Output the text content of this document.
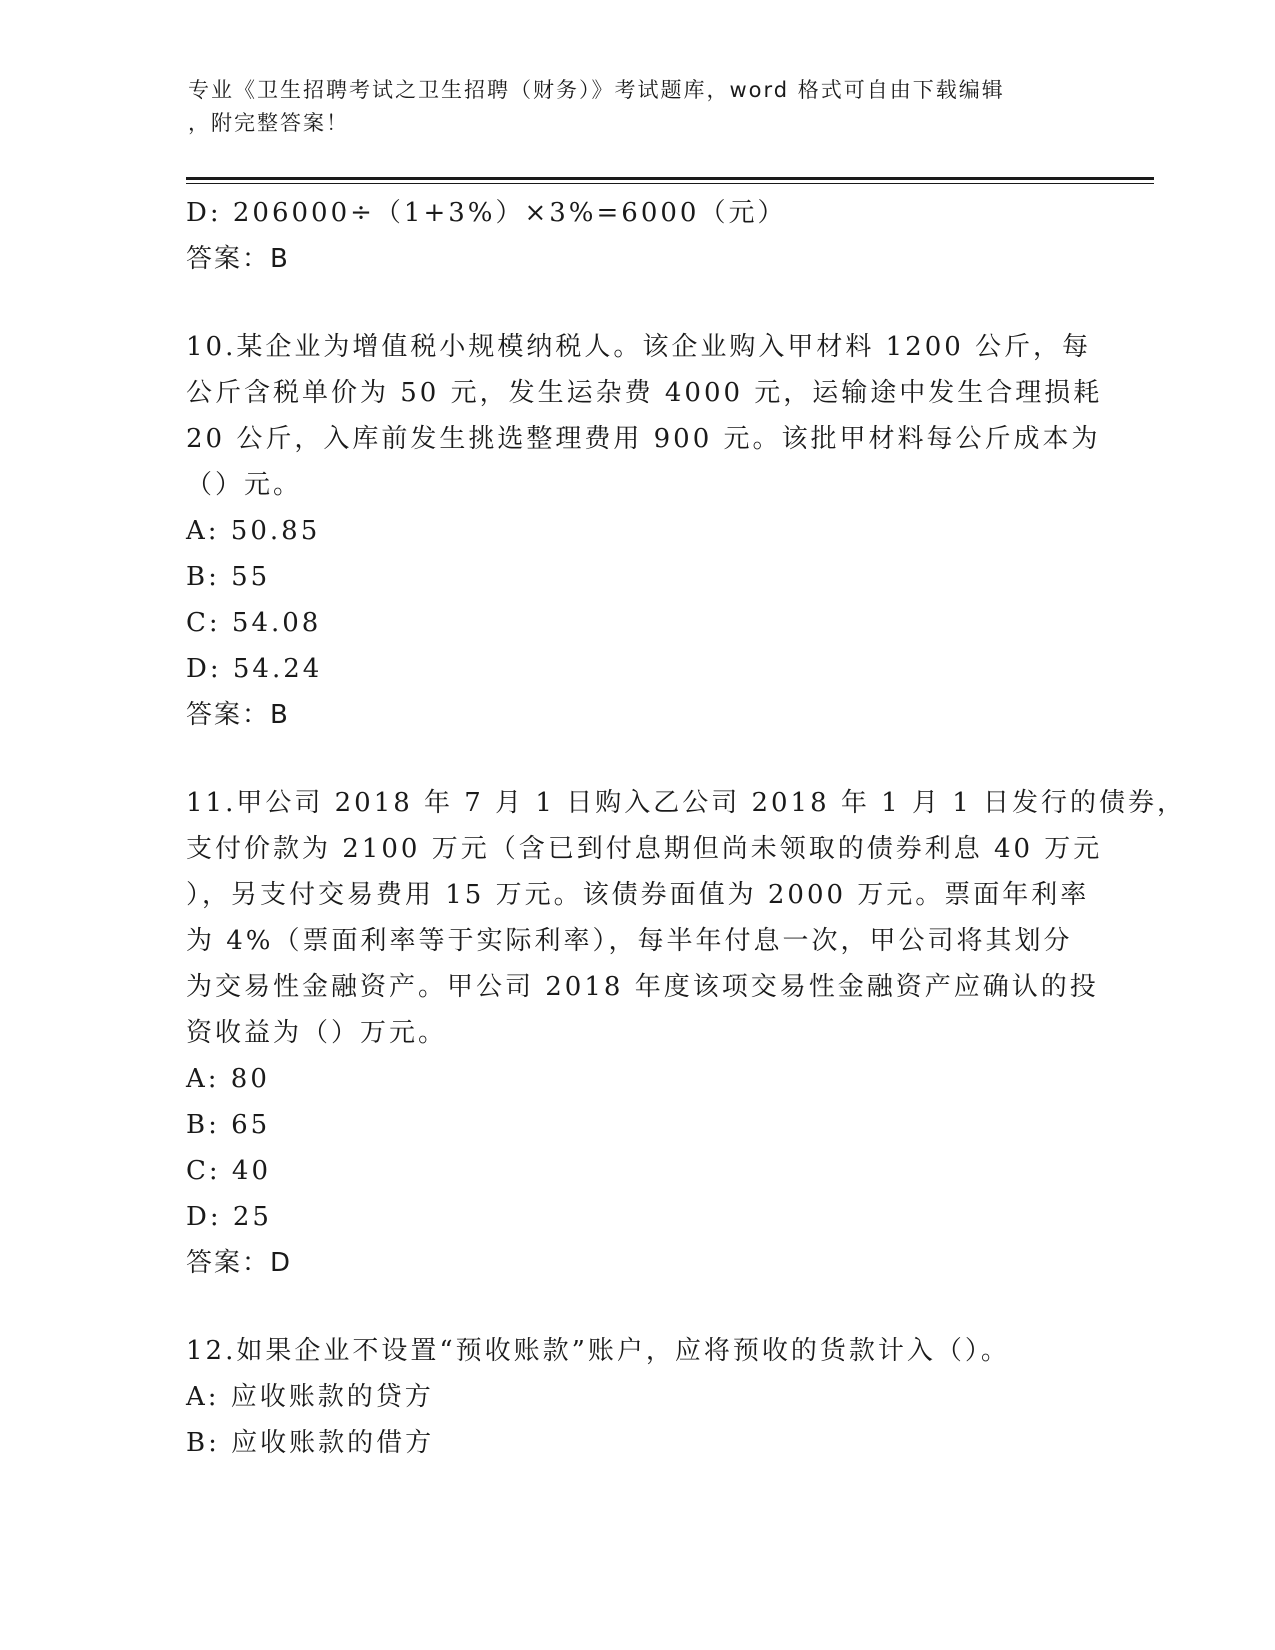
专业《卫生招聘考试之卫生招聘（财务）》考试题库，word 格式可自由下载编辑
，附完整答案！
D: 206000÷（1+3%）×3%=6000（元）
答案：B
10.某企业为增值税小规模纳税人。该企业购入甲材料 1200 公斤，每
公斤含税单价为 50 元，发生运杂费 4000 元，运输途中发生合理损耗
20 公斤，入库前发生挑选整理费用 900 元。该批甲材料每公斤成本为
（）元。
A: 50.85
B: 55
C: 54.08
D: 54.24
答案：B
11.甲公司 2018 年 7 月 1 日购入乙公司 2018 年 1 月 1 日发行的债券，
支付价款为 2100 万元（含已到付息期但尚未领取的债券利息 40 万元
），另支付交易费用 15 万元。该债券面值为 2000 万元。票面年利率
为 4%（票面利率等于实际利率），每半年付息一次，甲公司将其划分
为交易性金融资产。甲公司 2018 年度该项交易性金融资产应确认的投
资收益为（）万元。
A: 80
B: 65
C: 40
D: 25
答案：D
12.如果企业不设置“预收账款”账户，应将预收的货款计入（）。
A: 应收账款的贷方
B: 应收账款的借方
